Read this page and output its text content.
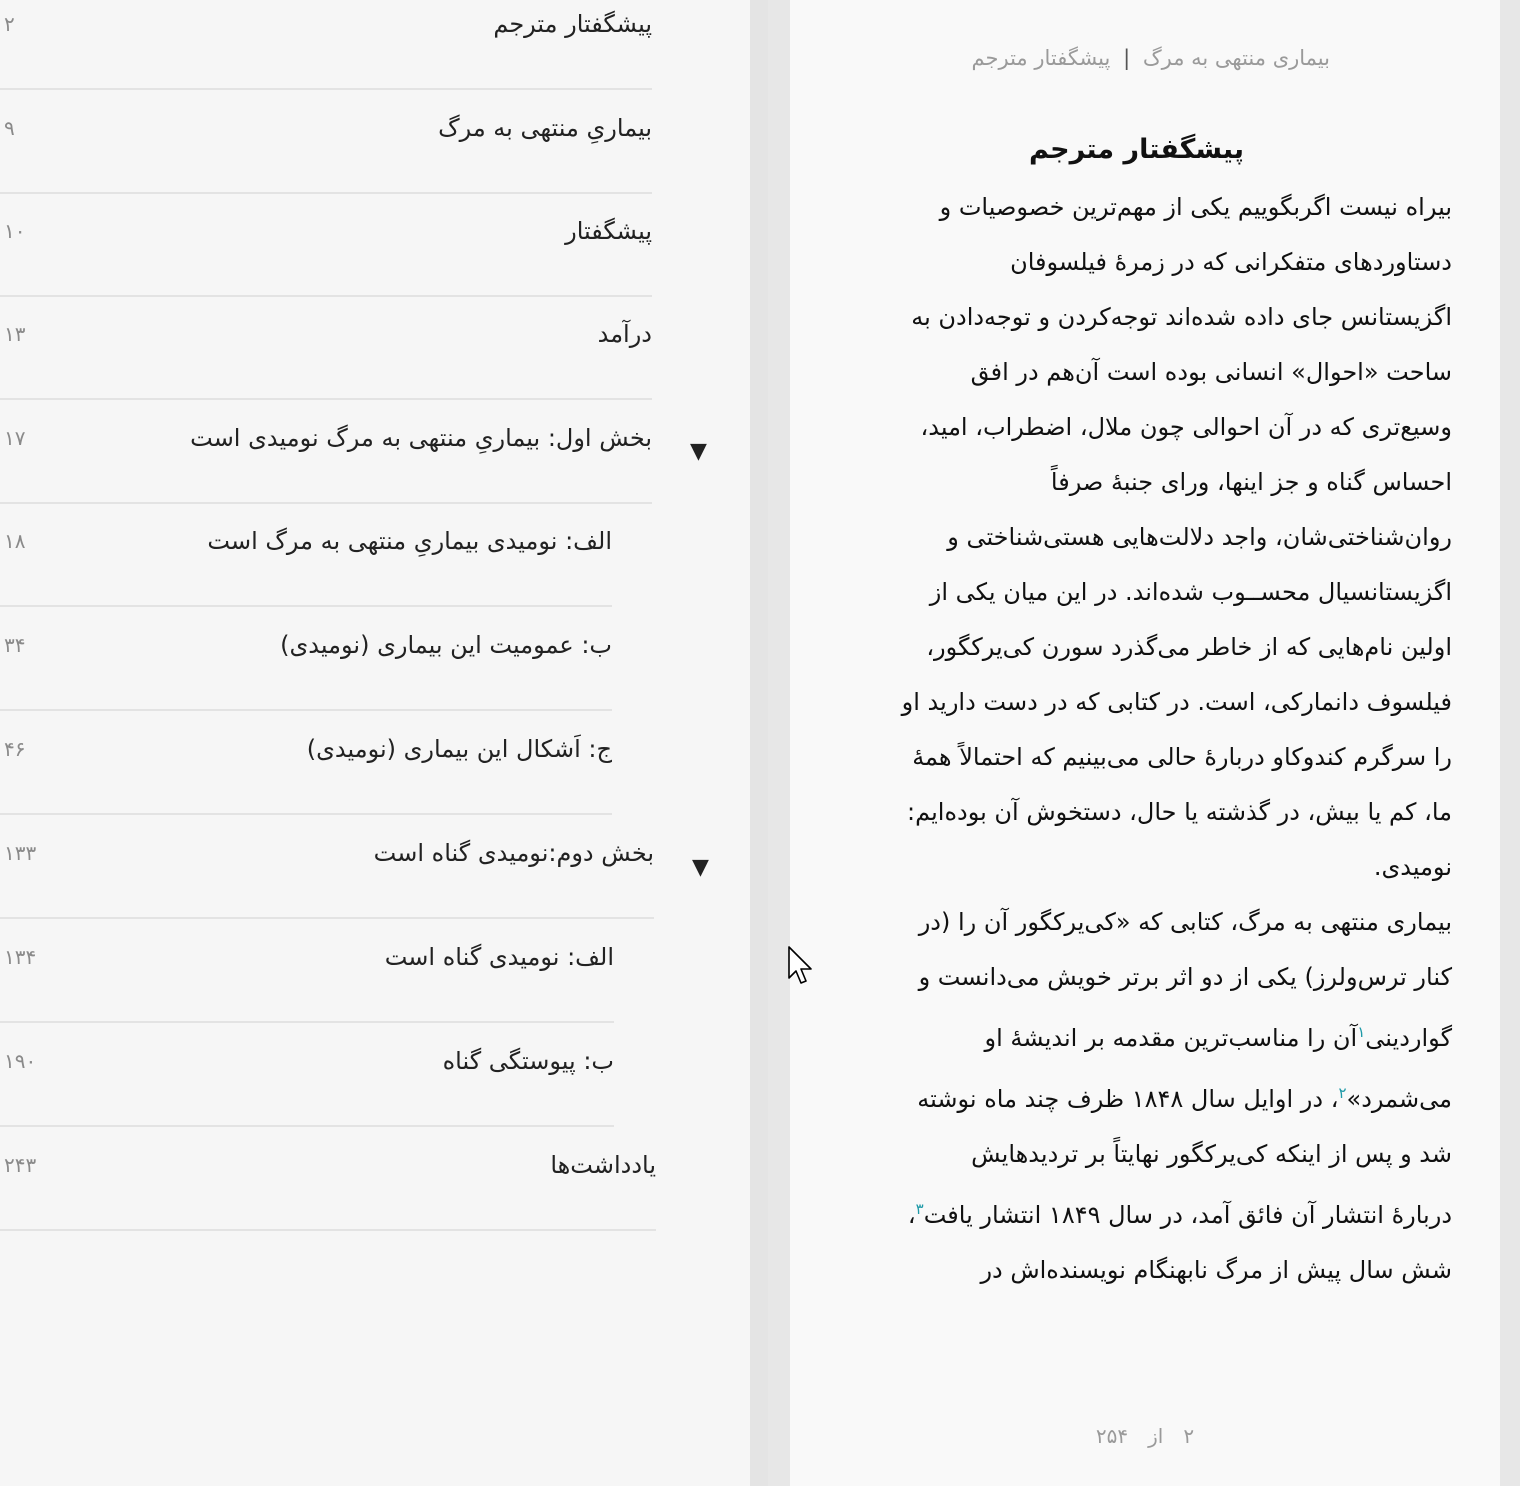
پیشگفتار مترجم
۲
بیماریِ منتهی به مرگ
۹
پیشگفتار
۱۰
درآمد
۱۳
بخش اول: بیماریِ منتهی به مرگ نومیدی است
۱۷
▼
الف: نومیدی بیماریِ منتهی به مرگ است
۱۸
ب: عمومیت این بیماری (نومیدی)
۳۴
ج: اَشکال این بیماری (نومیدی)
۴۶
بخش دوم:نومیدی گناه است
۱۳۳
▼
الف: نومیدی گناه است
۱۳۴
ب: پیوستگی گناه
۱۹۰
یادداشت‌ها
۲۴۳
بیماری منتهی به مرگ | پیشگفتار مترجم
پیشگفتار مترجم
بیراه نیست اگربگوییم یکی از مهم‌ترین خصوصیات و
دستاوردهای متفکرانی که در زمرهٔ فیلسوفان
اگزیستانس جای داده شده‌اند توجه‌کردن و توجه‌دادن به
ساحت «احوال» انسانی بوده است آن‌هم در افق
وسیع‌تری که در آن احوالی چون ملال، اضطراب، امید،
احساس گناه و جز اینها، ورای جنبهٔ صرفاً
روان‌شناختی‌شان، واجد دلالت‌هایی هستی‌شناختی و
اگزیستانسیال محســوب شده‌اند. در این میان یکی از
اولین نام‌هایی که از خاطر می‌گذرد سورن کی‌یرکگور،
فیلسوف دانمارکی، است. در کتابی که در دست دارید او
را سرگرم کندوکاو دربارهٔ حالی می‌بینیم که احتمالاً همهٔ
ما، کم یا بیش، در گذشته یا حال، دستخوش آن بوده‌ایم:
نومیدی.
بیماری منتهی به مرگ، کتابی که «کی‌یرکگور آن را (در
کنار ترس‌ولرز) یکی از دو اثر برتر خویش می‌دانست و
گواردینی$^۱$آن را مناسب‌ترین مقدمه بر اندیشهٔ او
می‌شمرد»$^۲$، در اوایل سال ۱۸۴۸ ظرف چند ماه نوشته
شد و پس از اینکه کی‌یرکگور نهایتاً بر تردیدهایش
دربارهٔ انتشار آن فائق آمد، در سال ۱۸۴۹ انتشار یافت$^۳$،
شش سال پیش از مرگ نابهنگام نویسنده‌اش در
۲از۲۵۴
